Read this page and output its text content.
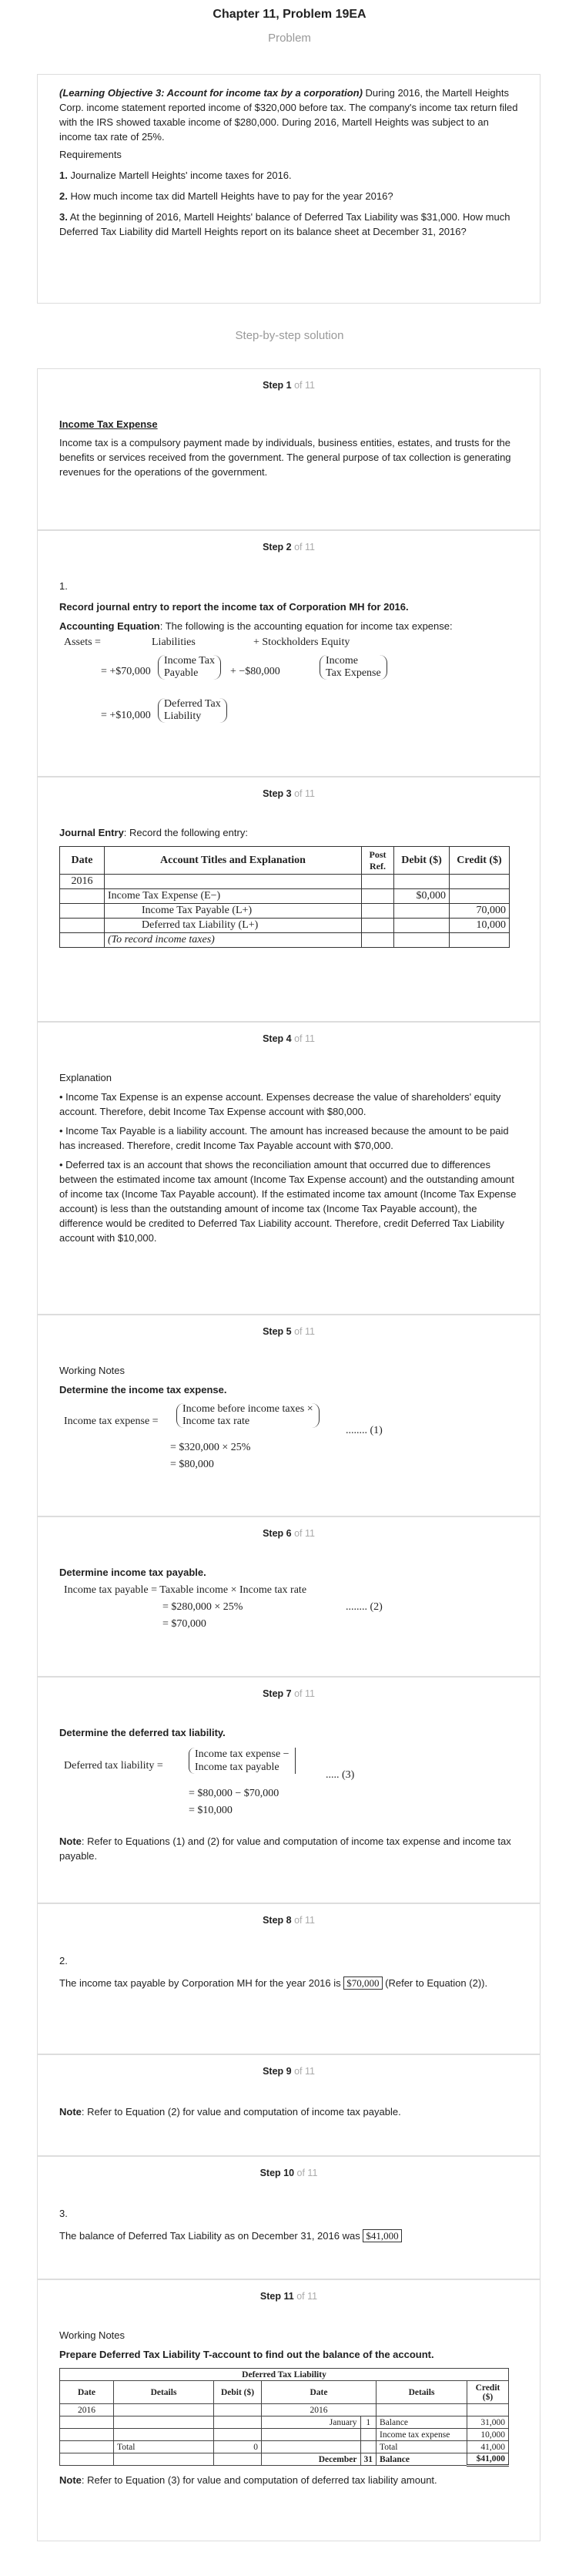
Chapter 11, Problem 19EA
Problem

(Learning Objective 3: Account for income tax by a corporation) During 2016, the Martell Heights Corp. income statement reported income of $320,000 before tax. The company's income tax return filed with the IRS showed taxable income of $280,000. During 2016, Martell Heights was subject to an income tax rate of 25%.

Requirements

1. Journalize Martell Heights' income taxes for 2016.

2. How much income tax did Martell Heights have to pay for the year 2016?

3. At the beginning of 2016, Martell Heights' balance of Deferred Tax Liability was $31,000. How much Deferred Tax Liability did Martell Heights report on its balance sheet at December 31, 2016?

Step-by-step solution
Step 1 of 11

Income Tax Expense

Income tax is a compulsory payment made by individuals, business entities, estates, and trusts for the benefits or services received from the government. The general purpose of tax collection is generating revenues for the operations of the government.

Step 2 of 11

1.

Record journal entry to report the income tax of Corporation MH for 2016.

Accounting Equation: The following is the accounting equation for income tax expense:

Assets =	Liabilities	+ Stockholders Equity
= +$70,000
Income Tax
Payable	+ −$80,000
Income
Tax Expense
= +$10,000
Deferred Tax
Liability
Step 3 of 11

Journal Entry: Record the following entry:

Date	Account Titles and Explanation	Post Ref.	Debit ($)	Credit ($)
2016				
	Income Tax Expense (E−)		$0,000	
	Income Tax Payable (L+)			70,000
	Deferred tax Liability (L+)			10,000
	(To record income taxes)			
Step 4 of 11

Explanation

• Income Tax Expense is an expense account. Expenses decrease the value of shareholders' equity account. Therefore, debit Income Tax Expense account with $80,000.

• Income Tax Payable is a liability account. The amount has increased because the amount to be paid has increased. Therefore, credit Income Tax Payable account with $70,000.

• Deferred tax is an account that shows the reconciliation amount that occurred due to differences between the estimated income tax amount (Income Tax Expense account) and the outstanding amount of income tax (Income Tax Payable account). If the estimated income tax amount (Income Tax Expense account) is less than the outstanding amount of income tax (Income Tax Payable account), the difference would be credited to Deferred Tax Liability account. Therefore, credit Deferred Tax Liability account with $10,000.

Step 5 of 11

Working Notes

Determine the income tax expense.

Income tax expense =
Income before income taxes ×
Income tax rate
........ (1)
= $320,000 × 25%
= $80,000
Step 6 of 11

Determine income tax payable.

Income tax payable = Taxable income × Income tax rate
= $280,000 × 25%	........ (2)
= $70,000
Step 7 of 11

Determine the deferred tax liability.

Deferred tax liability =
Income tax expense −
Income tax payable
..... (3)
= $80,000 − $70,000
= $10,000

Note: Refer to Equations (1) and (2) for value and computation of income tax expense and income tax payable.

Step 8 of 11

2.

The income tax payable by Corporation MH for the year 2016 is $70,000 (Refer to Equation (2)).

Step 9 of 11

Note: Refer to Equation (2) for value and computation of income tax payable.

Step 10 of 11

3.

The balance of Deferred Tax Liability as on December 31, 2016 was $41,000

Step 11 of 11

Working Notes

Prepare Deferred Tax Liability T-account to find out the balance of the account.

Deferred Tax Liability						
Date	Details	Debit ($)	Date		Details	Credit ($)
2016			2016			
			January	1	Balance	31,000
					Income tax expense	10,000
	Total	0			Total	41,000
			December	31	Balance	$41,000

Note: Refer to Equation (3) for value and computation of deferred tax liability amount.
